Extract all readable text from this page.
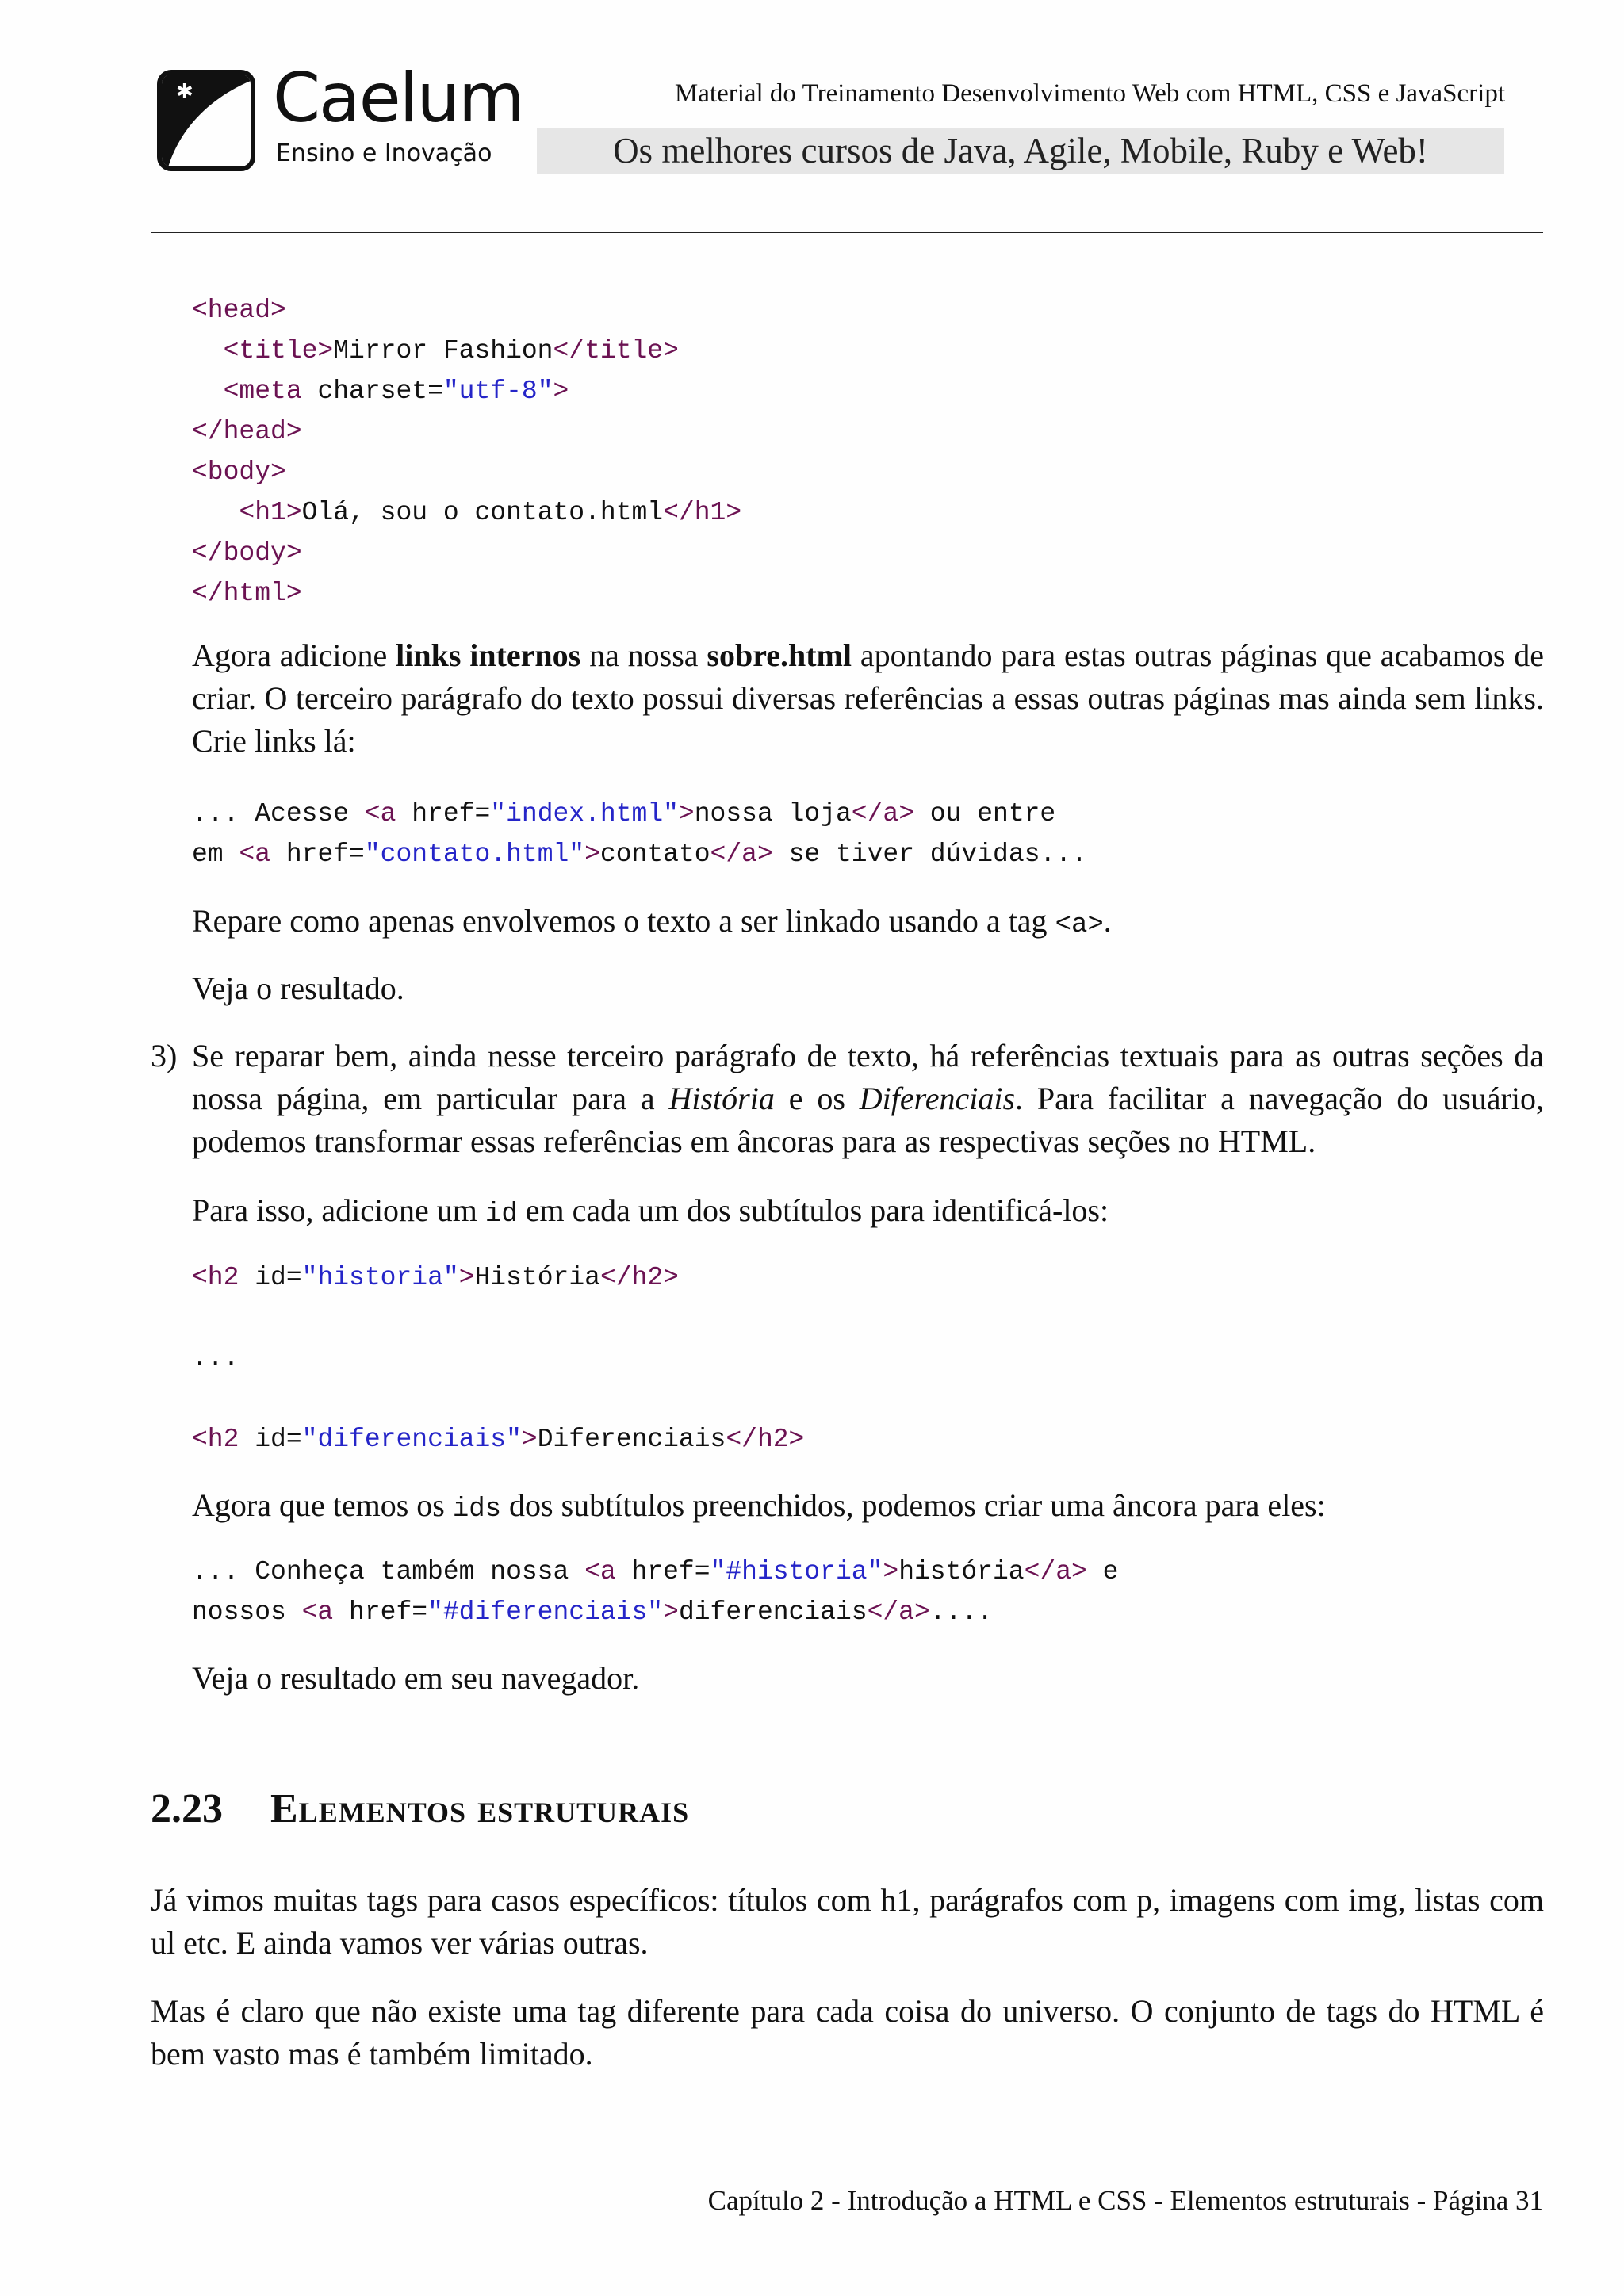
✱ Caelum
Ensino e Inovação
Material do Treinamento Desenvolvimento Web com HTML, CSS e JavaScript
Os melhores cursos de Java, Agile, Mobile, Ruby e Web!
<head>
<title>Mirror Fashion</title>
<meta charset="utf-8">
</head>
<body>
<h1>Olá, sou o contato.html</h1>
</body>
</html>
Agora adicione links internos na nossa sobre.html apontando para estas outras páginas que acabamos de criar. O terceiro parágrafo do texto possui diversas referências a essas outras páginas mas ainda sem links. Crie links lá:
... Acesse <a href="index.html">nossa loja</a> ou entre
em <a href="contato.html">contato</a> se tiver dúvidas...
Repare como apenas envolvemos o texto a ser linkado usando a tag <a>.
Veja o resultado.
3) Se reparar bem, ainda nesse terceiro parágrafo de texto, há referências textuais para as outras seções da nossa página, em particular para a História e os Diferenciais. Para facilitar a navegação do usuário, podemos transformar essas referências em âncoras para as respectivas seções no HTML.
Para isso, adicione um id em cada um dos subtítulos para identificá-los:
<h2 id="historia">História</h2>
...
<h2 id="diferenciais">Diferenciais</h2>
Agora que temos os ids dos subtítulos preenchidos, podemos criar uma âncora para eles:
... Conheça também nossa <a href="#historia">história</a> e
nossos <a href="#diferenciais">diferenciais</a>....
Veja o resultado em seu navegador.
2.23 Elementos estruturais
Já vimos muitas tags para casos específicos: títulos com h1, parágrafos com p, imagens com img, listas com ul etc. E ainda vamos ver várias outras.
Mas é claro que não existe uma tag diferente para cada coisa do universo. O conjunto de tags do HTML é bem vasto mas é também limitado.
Capítulo 2 - Introdução a HTML e CSS - Elementos estruturais - Página 31
